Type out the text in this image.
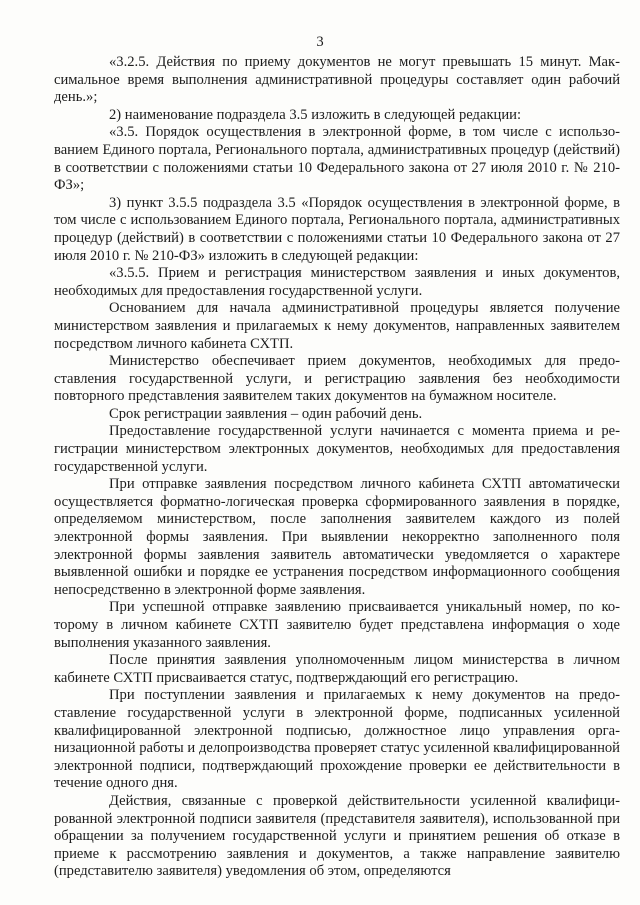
3

«3.2.5. Действия по приему документов не могут превышать 15 минут. Максимальное время выполнения административной процедуры составляет один рабочий день.»;

2) наименование подраздела 3.5 изложить в следующей редакции:

«3.5. Порядок осуществления в электронной форме, в том числе с использованием Единого портала, Регионального портала, административных процедур (действий) в соответствии с положениями статьи 10 Федерального закона от 27 июля 2010 г. № 210-ФЗ»;

3) пункт 3.5.5 подраздела 3.5 «Порядок осуществления в электронной форме, в том числе с использованием Единого портала, Регионального портала, административных процедур (действий) в соответствии с положениями статьи 10 Федерального закона от 27 июля 2010 г. № 210-ФЗ» изложить в следующей редакции:

«3.5.5. Прием и регистрация министерством заявления и иных документов, необходимых для предоставления государственной услуги.

Основанием для начала административной процедуры является получение министерством заявления и прилагаемых к нему документов, направленных заявителем посредством личного кабинета СХТП.

Министерство обеспечивает прием документов, необходимых для предоставления государственной услуги, и регистрацию заявления без необходимости повторного представления заявителем таких документов на бумажном носителе.

Срок регистрации заявления – один рабочий день.

Предоставление государственной услуги начинается с момента приема и регистрации министерством электронных документов, необходимых для предоставления государственной услуги.

При отправке заявления посредством личного кабинета СХТП автоматически осуществляется форматно-логическая проверка сформированного заявления в порядке, определяемом министерством, после заполнения заявителем каждого из полей электронной формы заявления. При выявлении некорректно заполненного поля электронной формы заявления заявитель автоматически уведомляется о характере выявленной ошибки и порядке ее устранения посредством информационного сообщения непосредственно в электронной форме заявления.

При успешной отправке заявлению присваивается уникальный номер, по которому в личном кабинете СХТП заявителю будет представлена информация о ходе выполнения указанного заявления.

После принятия заявления уполномоченным лицом министерства в личном кабинете СХТП присваивается статус, подтверждающий его регистрацию.

При поступлении заявления и прилагаемых к нему документов на предоставление государственной услуги в электронной форме, подписанных усиленной квалифицированной электронной подписью, должностное лицо управления организационной работы и делопроизводства проверяет статус усиленной квалифицированной электронной подписи, подтверждающий прохождение проверки ее действительности в течение одного дня.

Действия, связанные с проверкой действительности усиленной квалифицированной электронной подписи заявителя (представителя заявителя), использованной при обращении за получением государственной услуги и принятием решения об отказе в приеме к рассмотрению заявления и документов, а также направление заявителю (представителю заявителя) уведомления об этом, определяются
